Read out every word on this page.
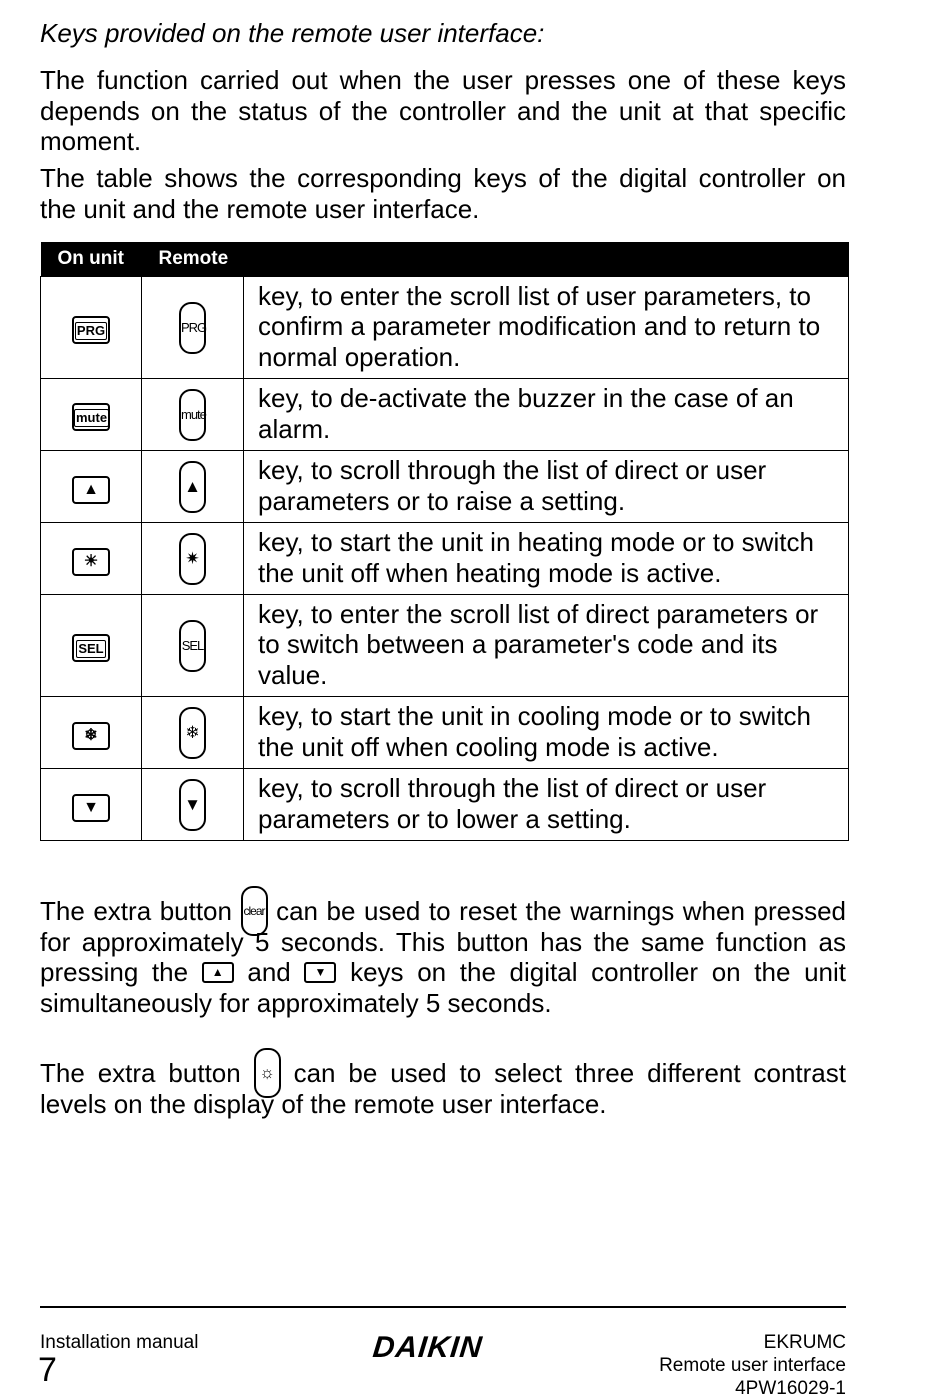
Keys provided on the remote user interface:

The function carried out when the user presses one of these keys depends on the status of the controller and the unit at that specific moment.

The table shows the corresponding keys of the digital controller on the unit and the remote user interface.

On unit	Remote	
PRG	PRG	key, to enter the scroll list of user parameters, to confirm a parameter modification and to return to normal operation.
mute	mute	key, to de-activate the buzzer in the case of an alarm.
▲	▲	key, to scroll through the list of direct or user parameters or to raise a setting.
☀	✷	key, to start the unit in heating mode or to switch the unit off when heating mode is active.
SEL	SEL	key, to enter the scroll list of direct parameters or to switch between a parameter's code and its value.
❄	❄	key, to start the unit in cooling mode or to switch the unit off when cooling mode is active.
▼	▼	key, to scroll through the list of direct or user parameters or to lower a setting.

The extra button clear can be used to reset the warnings when pressed for approximately 5 seconds. This button has the same function as pressing the ▲ and ▼ keys on the digital controller on the unit simultaneously for approximately 5 seconds.

The extra button ☼ can be used to select three different contrast levels on the display of the remote user interface.

Installation manual
7
DAIKIN	EKRUMC
Remote user interface
4PW16029-1
